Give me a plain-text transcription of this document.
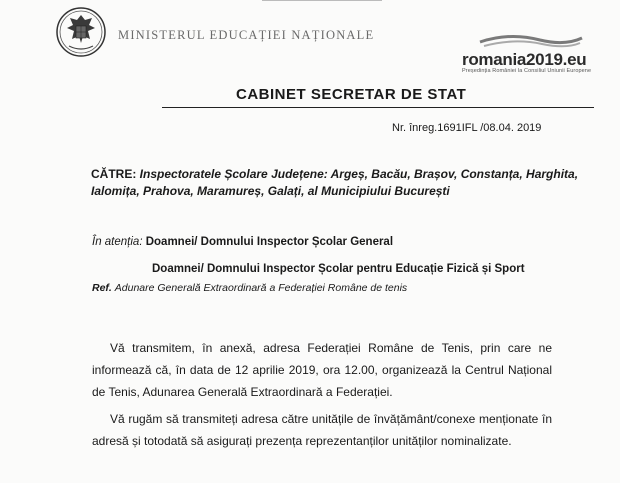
MINISTERUL EDUCAȚIEI NAȚIONALE
romania2019.eu
Președinția României la Consiliul Uniunii Europene
CABINET SECRETAR DE STAT
Nr. înreg.1691IFL /08.04. 2019
CĂTRE: Inspectoratele Școlare Județene: Argeș, Bacău, Brașov, Constanța, Harghita, Ialomița, Prahova, Maramureș, Galați, al Municipiului București
În atenția: Doamnei/ Domnului Inspector Școlar General
Doamnei/ Domnului Inspector Școlar pentru Educație Fizică și Sport
Ref. Adunare Generală Extraordinară a Federației Române de tenis
Vă transmitem, în anexă, adresa Federației Române de Tenis, prin care ne informează că, în data de 12 aprilie 2019, ora 12.00, organizează la Centrul Național de Tenis, Adunarea Generală Extraordinară a Federației.
Vă rugăm să transmiteți adresa către unitățile de învățământ/conexe menționate în adresă și totodată să asigurați prezența reprezentanților unităților nominalizate.
